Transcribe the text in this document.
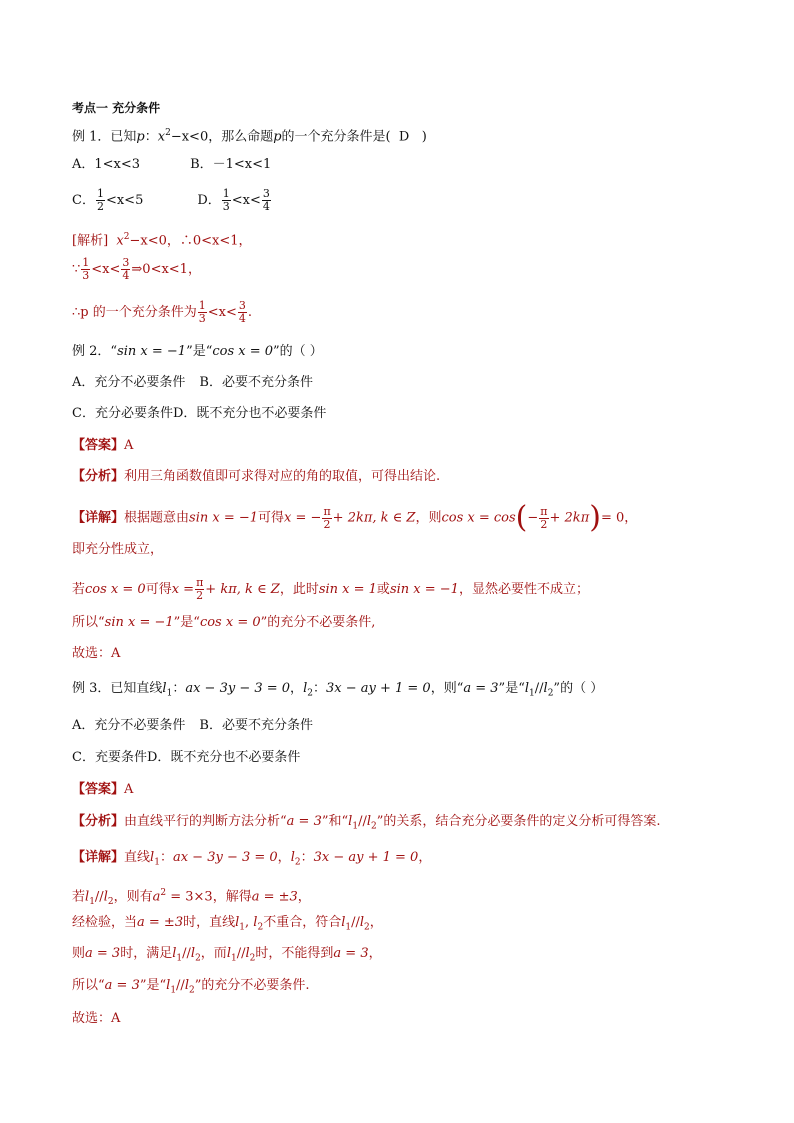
考点一 充分条件
例 1．已知p：$x^2-x<0$，那么命题p的一个充分条件是( D )
A．1<x<3	B．－1<x<1
C． $\frac{1}{2} <x<5$	D． $\frac{1}{3} <x< \frac{3}{4}$
[解析] $x^2-x<0$，∴0<x<1，
∵ $\frac{1}{3} <x< \frac{3}{4}$ ⇒0<x<1，
∴p 的一个充分条件为 $\frac{1}{3} <x< \frac{3}{4}$ .
例 2．“sin x = −1”是“cos x = 0”的（ ）
A．充分不必要条件 B．必要不充分条件
C．充分必要条件D．既不充分也不必要条件
【答案】A
【分析】利用三角函数值即可求得对应的角的取值，可得出结论.
【详解】根据题意由sin x = −1可得x = − $\frac{\pi}{2} + 2k\pi$, k ∈ Z，则$\cos x = \cos(- \frac{\pi}{2} + 2k\pi)= 0$，
即充分性成立，
若cos x = 0可得$x = \frac{\pi}{2} + k\pi$, k ∈ Z，此时sin x = 1或sin x = −1，显然必要性不成立；
所以“sin x = −1”是“cos x = 0”的充分不必要条件,
故选：A
例 3．已知直线$l_1$：ax − 3y − 3 = 0，$l_2$：3x − ay + 1 = 0，则“a = 3”是“$l_1//l_2$”的（ ）
A．充分不必要条件 B．必要不充分条件
C．充要条件D．既不充分也不必要条件
【答案】A
【分析】由直线平行的判断方法分析“a = 3”和“$l_1//l_2$”的关系，结合充分必要条件的定义分析可得答案.
【详解】直线$l_1$：ax − 3y − 3 = 0，$l_2$：3x − ay + 1 = 0，
若$l_1//l_2$，则有$a^2 = 3\times 3$，解得a = ±3，
经检验，当a = ±3时，直线$l_1$, $l_2$不重合，符合$l_1//l_2$，
则a = 3时，满足$l_1//l_2$，而$l_1//l_2$时，不能得到a = 3，
所以“a = 3”是“$l_1//l_2$”的充分不必要条件.
故选：A
